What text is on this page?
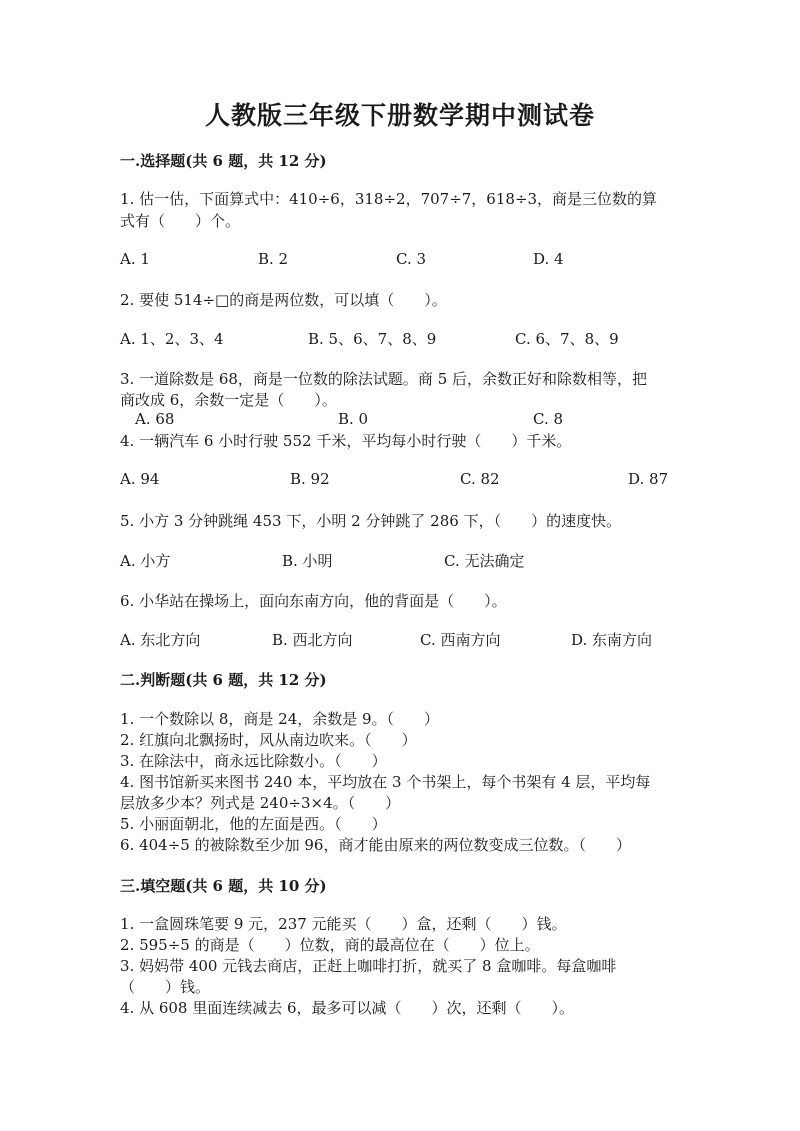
人教版三年级下册数学期中测试卷
一.选择题(共 6 题，共 12 分)
1. 估一估，下面算式中：410÷6，318÷2，707÷7，618÷3，商是三位数的算
式有（　　）个。
A. 1	B. 2	C. 3	D. 4
2. 要使 514÷□的商是两位数，可以填（　　）。
A. 1、2、3、4	B. 5、6、7、8、9	C. 6、7、8、9
3. 一道除数是 68，商是一位数的除法试题。商 5 后，余数正好和除数相等，把
商改成 6，余数一定是（　　）。
A. 68	B. 0	C. 8
4. 一辆汽车 6 小时行驶 552 千米，平均每小时行驶（　　）千米。
A. 94	B. 92	C. 82	D. 87
5. 小方 3 分钟跳绳 453 下，小明 2 分钟跳了 286 下，（　　）的速度快。
A. 小方	B. 小明	C. 无法确定
6. 小华站在操场上，面向东南方向，他的背面是（　　）。
A. 东北方向	B. 西北方向	C. 西南方向	D. 东南方向
二.判断题(共 6 题，共 12 分)
1. 一个数除以 8，商是 24，余数是 9。（　　）
2. 红旗向北飘扬时，风从南边吹来。（　　）
3. 在除法中，商永远比除数小。（　　）
4. 图书馆新买来图书 240 本，平均放在 3 个书架上，每个书架有 4 层，平均每
层放多少本？列式是 240÷3×4。（　　）
5. 小丽面朝北，他的左面是西。（　　）
6. 404÷5 的被除数至少加 96，商才能由原来的两位数变成三位数。（　　）
三.填空题(共 6 题，共 10 分)
1. 一盒圆珠笔要 9 元，237 元能买（　　）盒，还剩（　　）钱。
2. 595÷5 的商是（　　）位数，商的最高位在（　　）位上。
3. 妈妈带 400 元钱去商店，正赶上咖啡打折，就买了 8 盒咖啡。每盒咖啡
（　　）钱。
4. 从 608 里面连续减去 6，最多可以减（　　）次，还剩（　　）。
